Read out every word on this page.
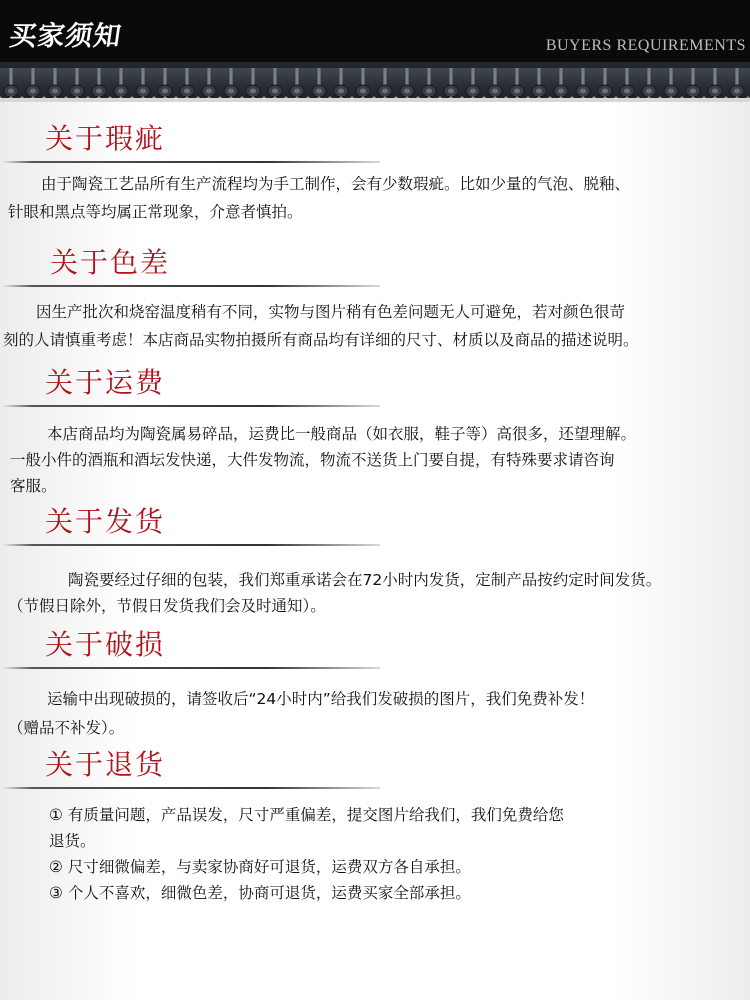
买家须知	BUYERS REQUIREMENTS
关于瑕疵

由于陶瓷工艺品所有生产流程均为手工制作，会有少数瑕疵。比如少量的气泡、脱釉、

针眼和黑点等均属正常现象，介意者慎拍。

关于色差

因生产批次和烧窑温度稍有不同，实物与图片稍有色差问题无人可避免，若对颜色很苛

刻的人请慎重考虑！本店商品实物拍摄所有商品均有详细的尺寸、材质以及商品的描述说明。

关于运费

本店商品均为陶瓷属易碎品，运费比一般商品（如衣服，鞋子等）高很多，还望理解。

一般小件的酒瓶和酒坛发快递，大件发物流，物流不送货上门要自提，有特殊要求请咨询

客服。

关于发货

陶瓷要经过仔细的包装，我们郑重承诺会在72小时内发货，定制产品按约定时间发货。

（节假日除外，节假日发货我们会及时通知）。

关于破损

运输中出现破损的，请签收后“24小时内”给我们发破损的图片，我们免费补发！

（赠品不补发）。

关于退货

① 有质量问题，产品误发，尺寸严重偏差，提交图片给我们，我们免费给您

退货。

② 尺寸细微偏差，与卖家协商好可退货，运费双方各自承担。

③ 个人不喜欢，细微色差，协商可退货，运费买家全部承担。
